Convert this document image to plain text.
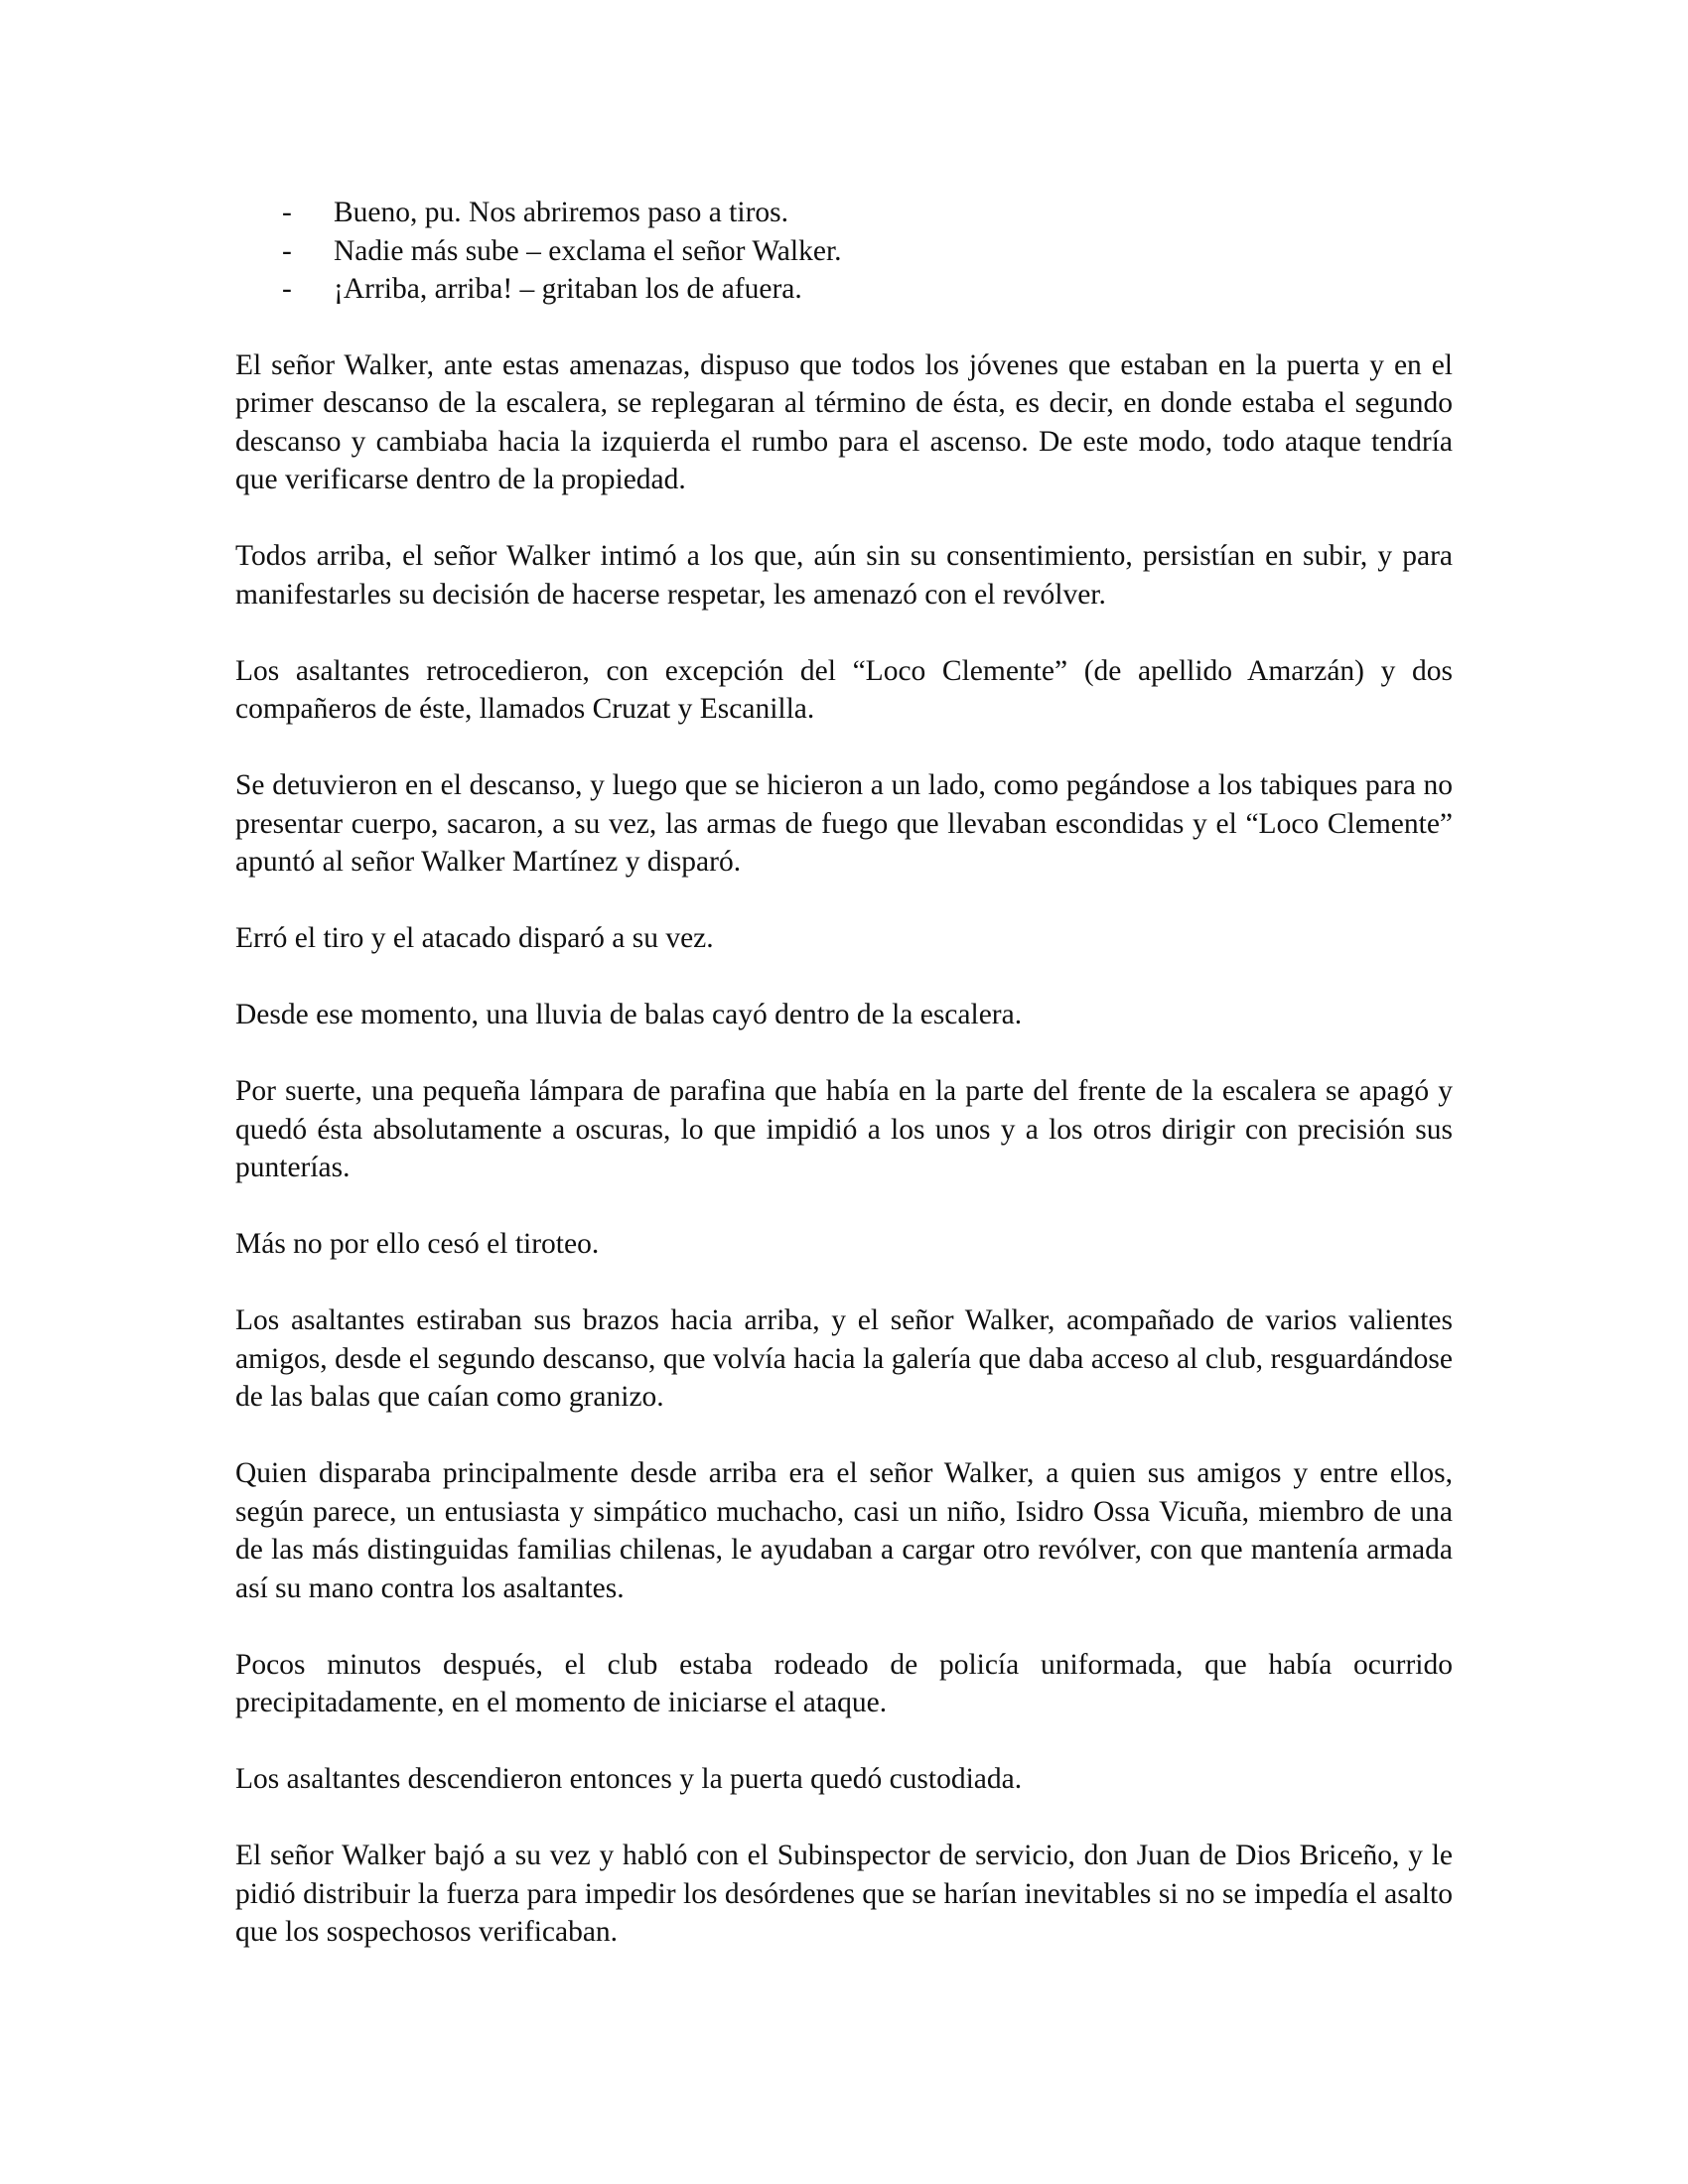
- Bueno, pu. Nos abriremos paso a tiros.
- Nadie más sube – exclama el señor Walker.
- ¡Arriba, arriba! – gritaban los de afuera.

El señor Walker, ante estas amenazas, dispuso que todos los jóvenes que estaban en la puerta y en el primer descanso de la escalera, se replegaran al término de ésta, es decir, en donde estaba el segundo descanso y cambiaba hacia la izquierda el rumbo para el ascenso. De este modo, todo ataque tendría que verificarse dentro de la propiedad.

Todos arriba, el señor Walker intimó a los que, aún sin su consentimiento, persistían en subir, y para manifestarles su decisión de hacerse respetar, les amenazó con el revólver.

Los asaltantes retrocedieron, con excepción del “Loco Clemente” (de apellido Amarzán) y dos compañeros de éste, llamados Cruzat y Escanilla.

Se detuvieron en el descanso, y luego que se hicieron a un lado, como pegándose a los tabiques para no presentar cuerpo, sacaron, a su vez, las armas de fuego que llevaban escondidas y el “Loco Clemente” apuntó al señor Walker Martínez y disparó.

Erró el tiro y el atacado disparó a su vez.

Desde ese momento, una lluvia de balas cayó dentro de la escalera.

Por suerte, una pequeña lámpara de parafina que había en la parte del frente de la escalera se apagó y quedó ésta absolutamente a oscuras, lo que impidió a los unos y a los otros dirigir con precisión sus punterías.

Más no por ello cesó el tiroteo.

Los asaltantes estiraban sus brazos hacia arriba, y el señor Walker, acompañado de varios valientes amigos, desde el segundo descanso, que volvía hacia la galería que daba acceso al club, resguardándose de las balas que caían como granizo.

Quien disparaba principalmente desde arriba era el señor Walker, a quien sus amigos y entre ellos, según parece, un entusiasta y simpático muchacho, casi un niño, Isidro Ossa Vicuña, miembro de una de las más distinguidas familias chilenas, le ayudaban a cargar otro revólver, con que mantenía armada así su mano contra los asaltantes.

Pocos minutos después, el club estaba rodeado de policía uniformada, que había ocurrido precipitadamente, en el momento de iniciarse el ataque.

Los asaltantes descendieron entonces y la puerta quedó custodiada.

El señor Walker bajó a su vez y habló con el Subinspector de servicio, don Juan de Dios Briceño, y le pidió distribuir la fuerza para impedir los desórdenes que se harían inevitables si no se impedía el asalto que los sospechosos verificaban.
